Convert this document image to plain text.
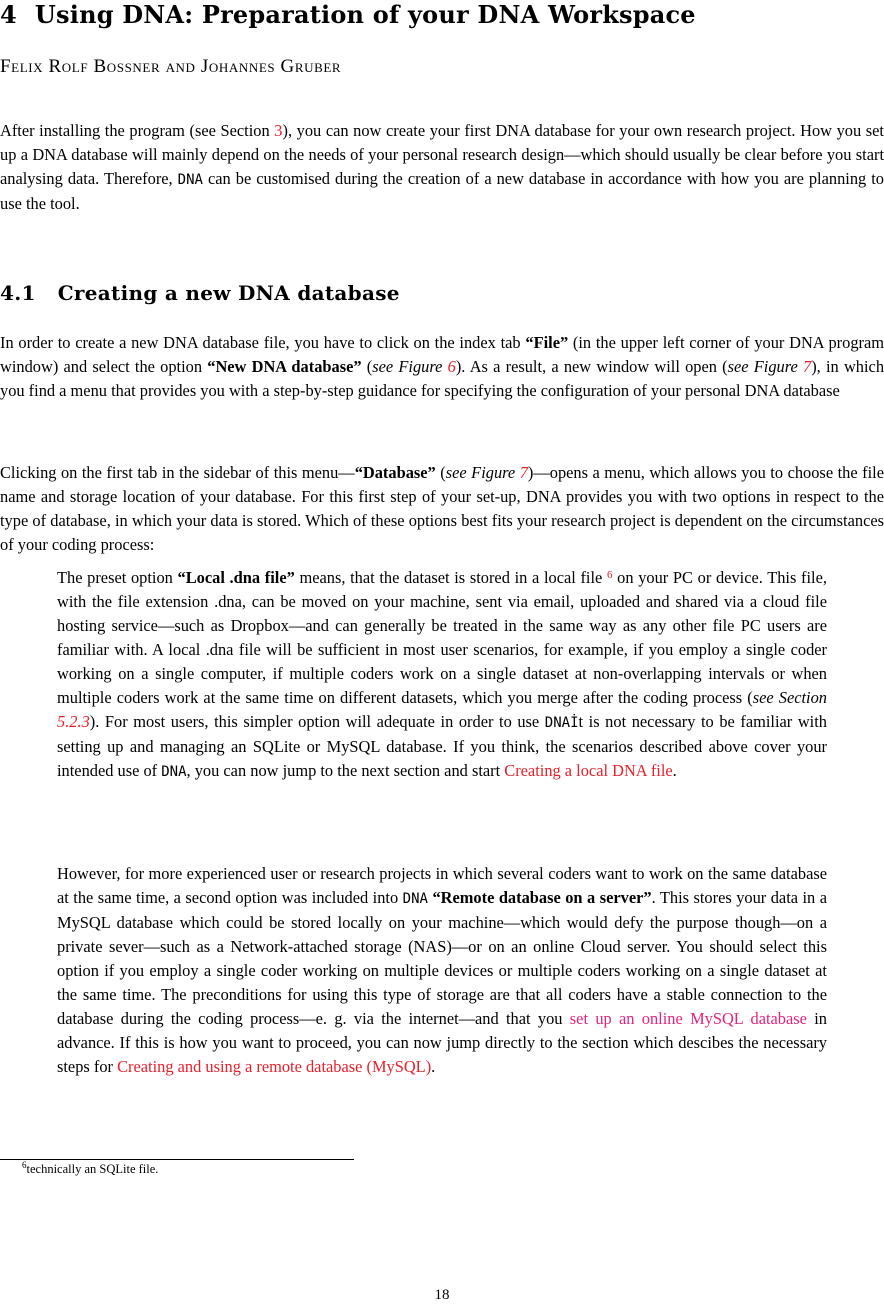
4 Using DNA: Preparation of your DNA Workspace

Felix Rolf Bossner and Johannes Gruber

After installing the program (see Section 3), you can now create your first DNA database for your own research project. How you set up a DNA database will mainly depend on the needs of your personal research design—which should usually be clear before you start analysing data. Therefore, DNA can be customised during the creation of a new database in accordance with how you are planning to use the tool.

4.1 Creating a new DNA database

In order to create a new DNA database file, you have to click on the index tab “File” (in the upper left corner of your DNA program window) and select the option “New DNA database” (see Figure 6). As a result, a new window will open (see Figure 7), in which you find a menu that provides you with a step-by-step guidance for specifying the configuration of your personal DNA database

Clicking on the first tab in the sidebar of this menu—“Database” (see Figure 7)—opens a menu, which allows you to choose the file name and storage location of your database. For this first step of your set-up, DNA provides you with two options in respect to the type of database, in which your data is stored. Which of these options best fits your research project is dependent on the circumstances of your coding process:

The preset option “Local .dna file” means, that the dataset is stored in a local file $^6$ on your PC or device. This file, with the file extension .dna, can be moved on your machine, sent via email, uploaded and shared via a cloud file hosting service—such as Dropbox—and can generally be treated in the same way as any other file PC users are familiar with. A local .dna file will be sufficient in most user scenarios, for example, if you employ a single coder working on a single computer, if multiple coders work on a single dataset at non-overlapping intervals or when multiple coders work at the same time on different datasets, which you merge after the coding process (see Section 5.2.3). For most users, this simpler option will adequate in order to use DNAİt is not necessary to be familiar with setting up and managing an SQLite or MySQL database. If you think, the scenarios described above cover your intended use of DNA, you can now jump to the next section and start Creating a local DNA file.

However, for more experienced user or research projects in which several coders want to work on the same database at the same time, a second option was included into DNA “Remote database on a server”. This stores your data in a MySQL database which could be stored locally on your machine—which would defy the purpose though—on a private sever—such as a Network-attached storage (NAS)—or on an online Cloud server. You should select this option if you employ a single coder working on multiple devices or multiple coders working on a single dataset at the same time. The preconditions for using this type of storage are that all coders have a stable connection to the database during the coding process—e. g. via the internet—and that you set up an online MySQL database in advance. If this is how you want to proceed, you can now jump directly to the section which descibes the necessary steps for Creating and using a remote database (MySQL).

$^6$technically an SQLite file.

18
